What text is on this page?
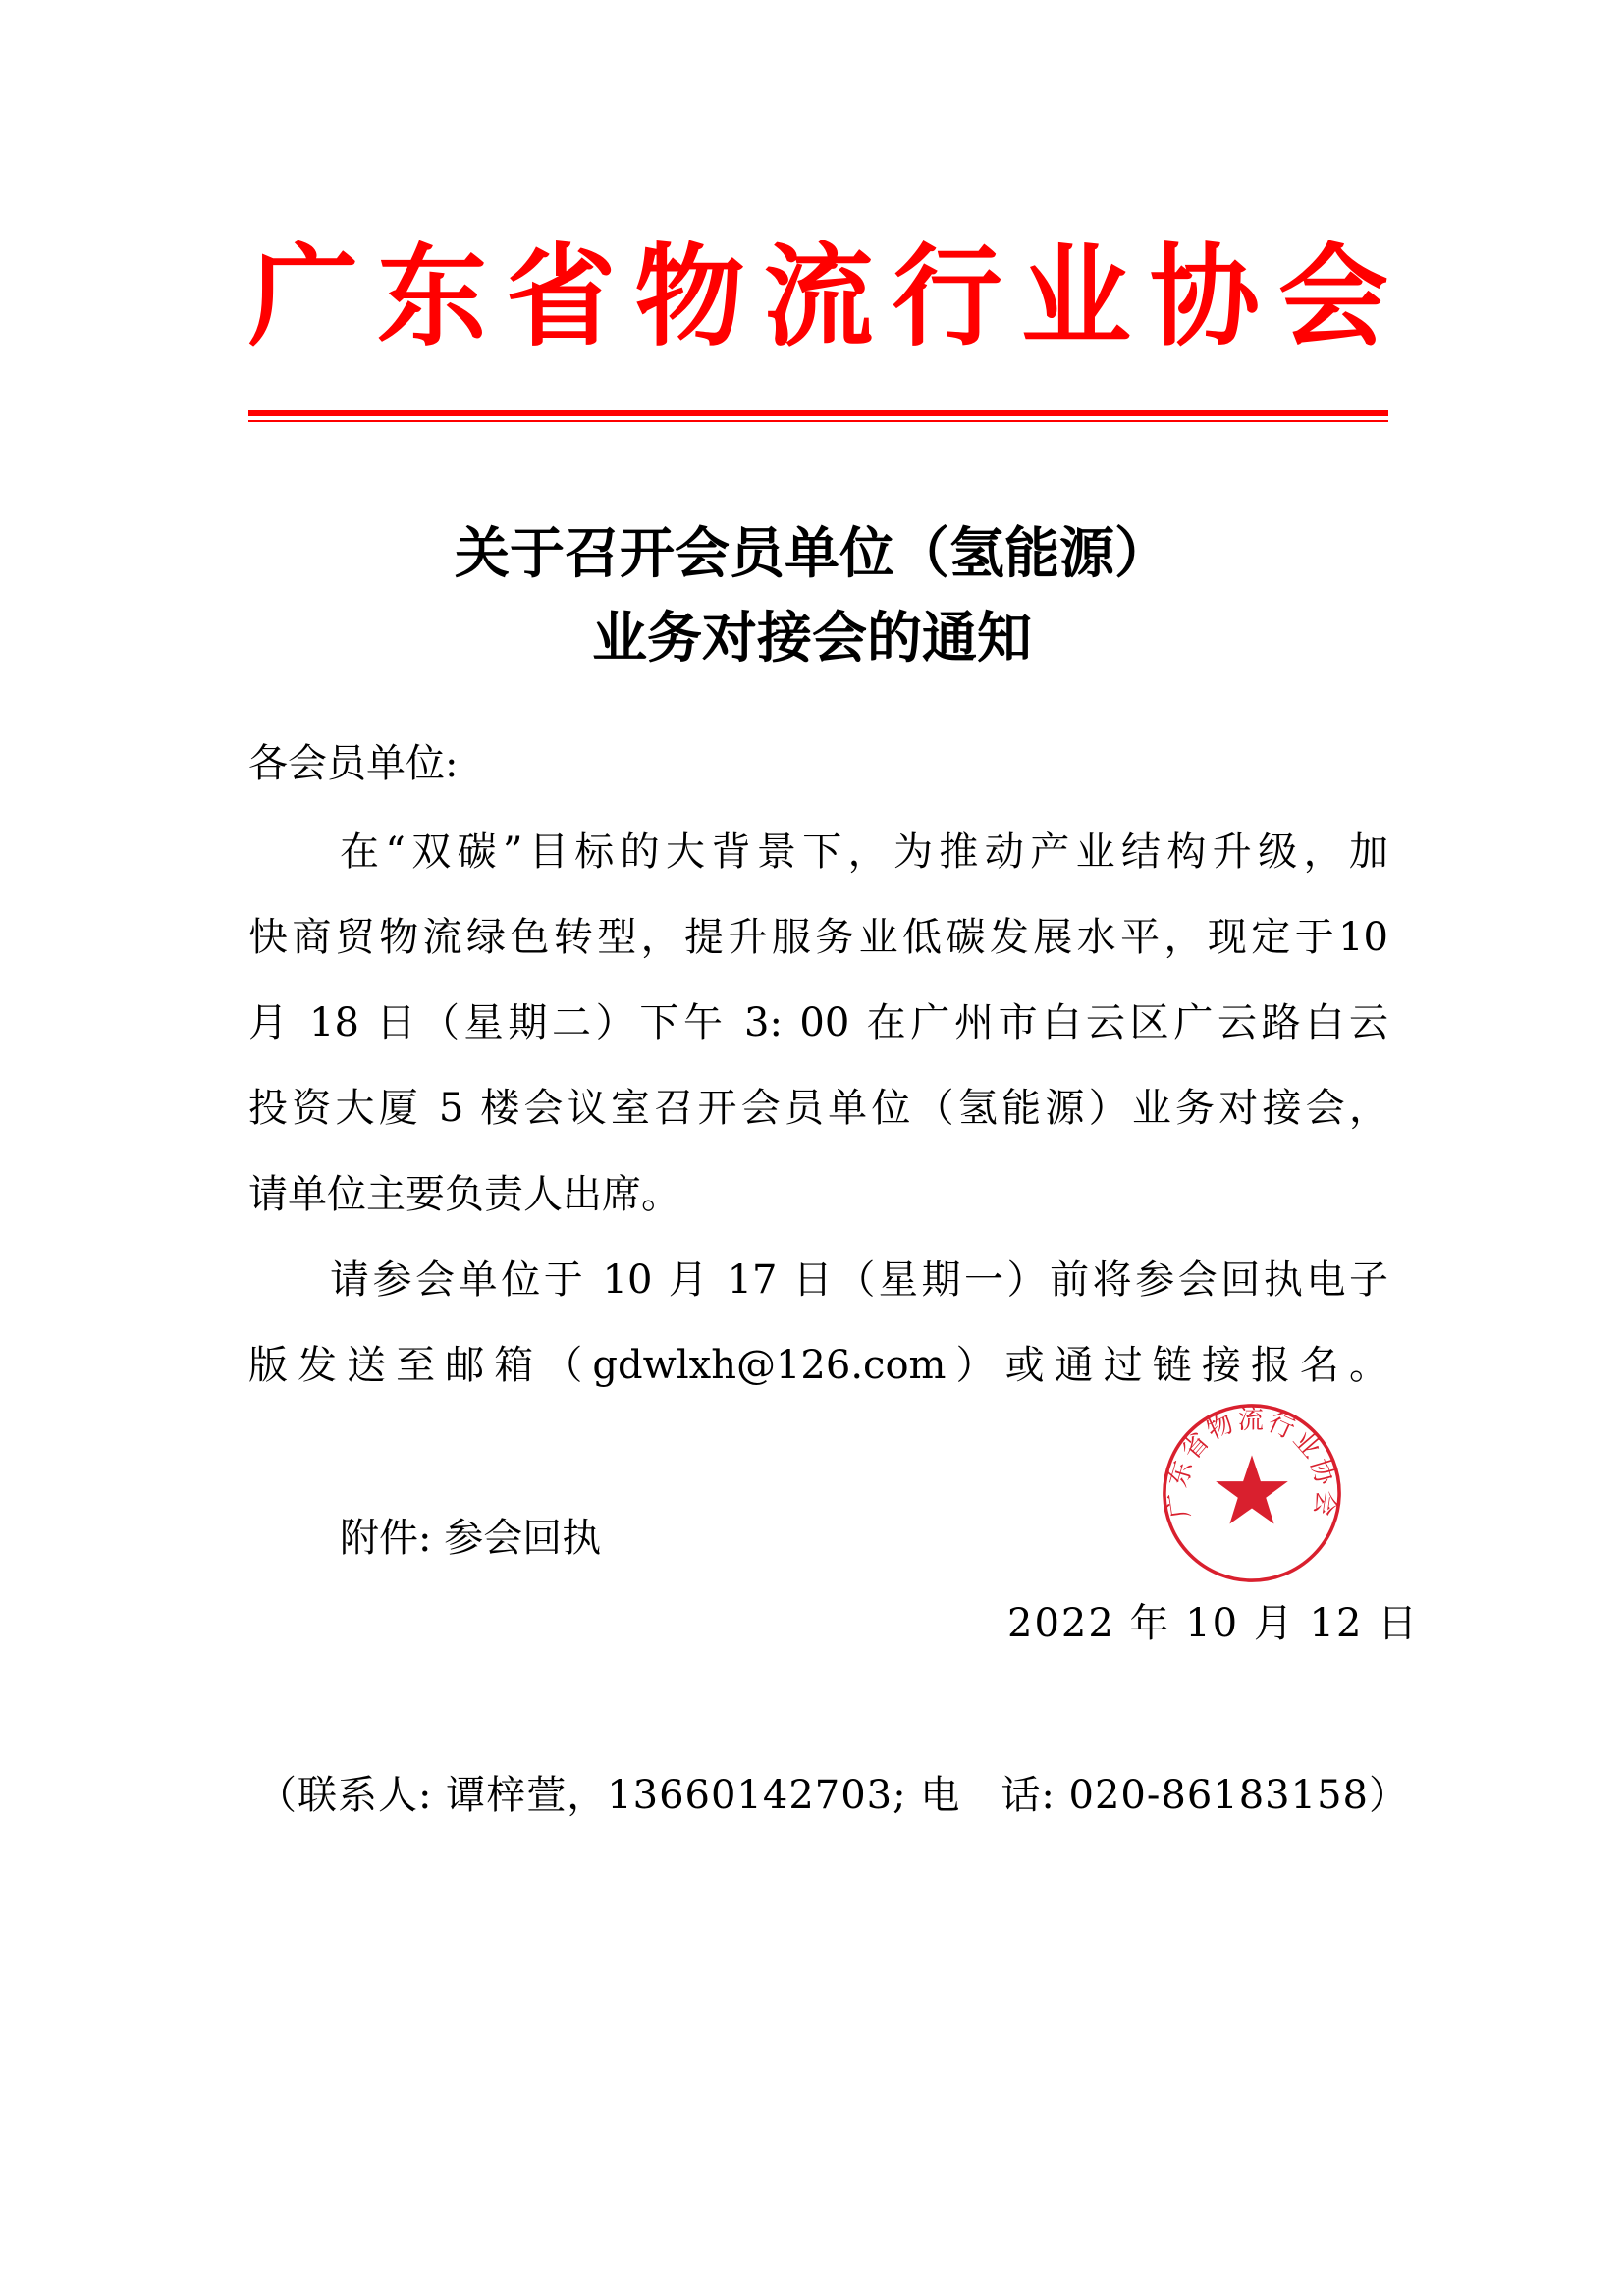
广 东 省 物 流 行 业 协 会
关于召开会员单位（氢能源）
业务对接会的通知
各会员单位:
在“双碳”目标的大背景下，为推动产业结构升级，加
快商贸物流绿色转型，提升服务业低碳发展水平，现定于10
月 18 日（星期二）下午 3: 00 在广州市白云区广云路白云
投资大厦 5 楼会议室召开会员单位（氢能源）业务对接会，
请单位主要负责人出席。
请参会单位于 10 月 17 日（星期一）前将参会回执电子
版发送至邮箱（gdwlxh@126.com）或通过链接报名。
附件: 参会回执
广东省物流行业协会
2022 年 10 月 12 日
（联系人: 谭梓萱，13660142703; 电　话: 020-86183158）
